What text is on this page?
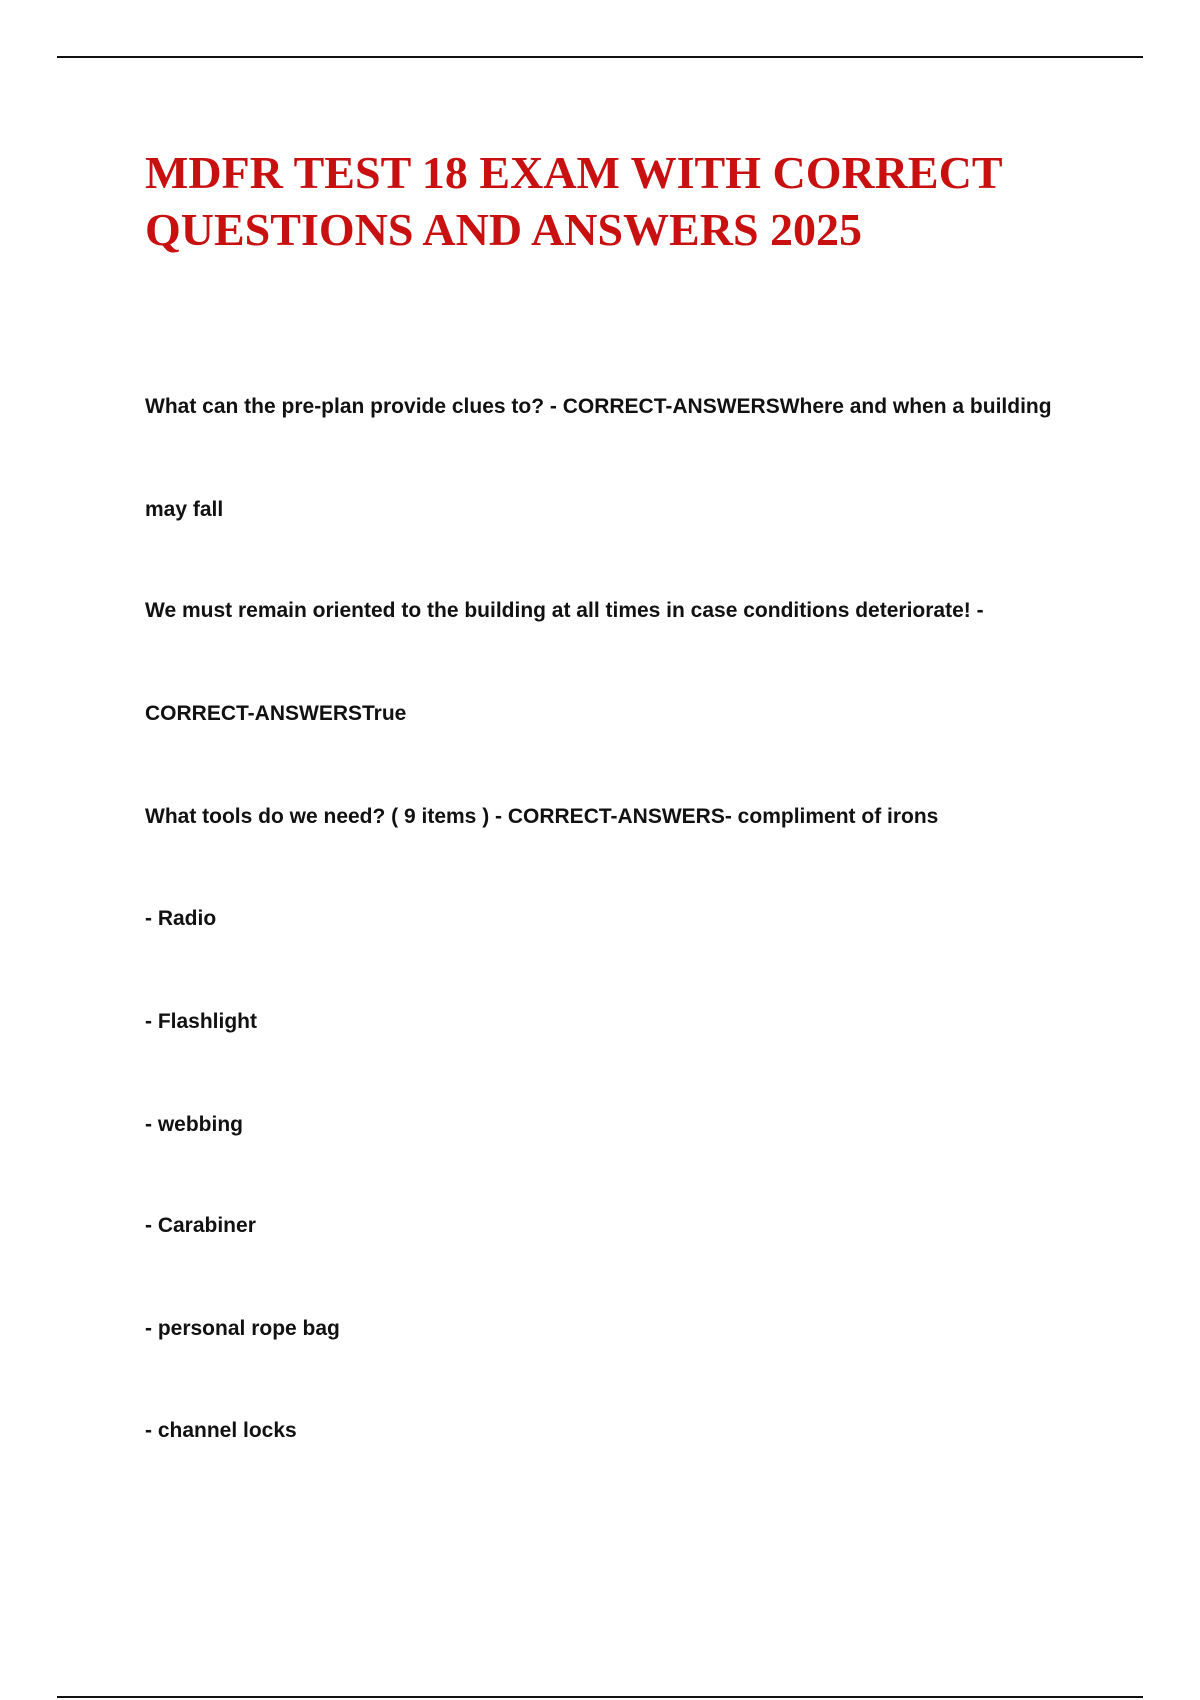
MDFR TEST 18 EXAM WITH CORRECT QUESTIONS AND ANSWERS 2025

What can the pre-plan provide clues to? - CORRECT-ANSWERSWhere and when a building

may fall

We must remain oriented to the building at all times in case conditions deteriorate! -

CORRECT-ANSWERSTrue

What tools do we need? ( 9 items ) - CORRECT-ANSWERS- compliment of irons

- Radio

- Flashlight

- webbing

- Carabiner

- personal rope bag

- channel locks
